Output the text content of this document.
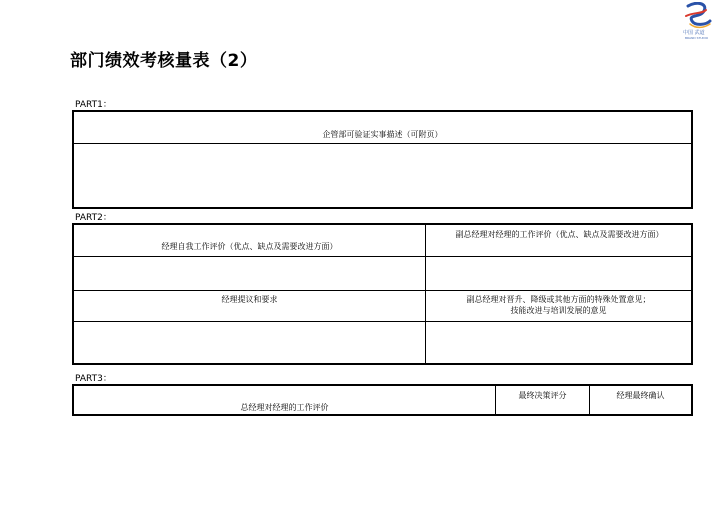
中国 武道
BRAND STUDIO
部门绩效考核量表（2）
PART1：
企管部可验证实事描述（可附页）
PART2：
经理自我工作评价（优点、缺点及需要改进方面）
副总经理对经理的工作评价（优点、缺点及需要改进方面）
经理提议和要求	副总经理对晋升、降级或其他方面的特殊处置意见；
技能改进与培训发展的意见
PART3：
总经理对经理的工作评价
最终决策评分	经理最终确认
